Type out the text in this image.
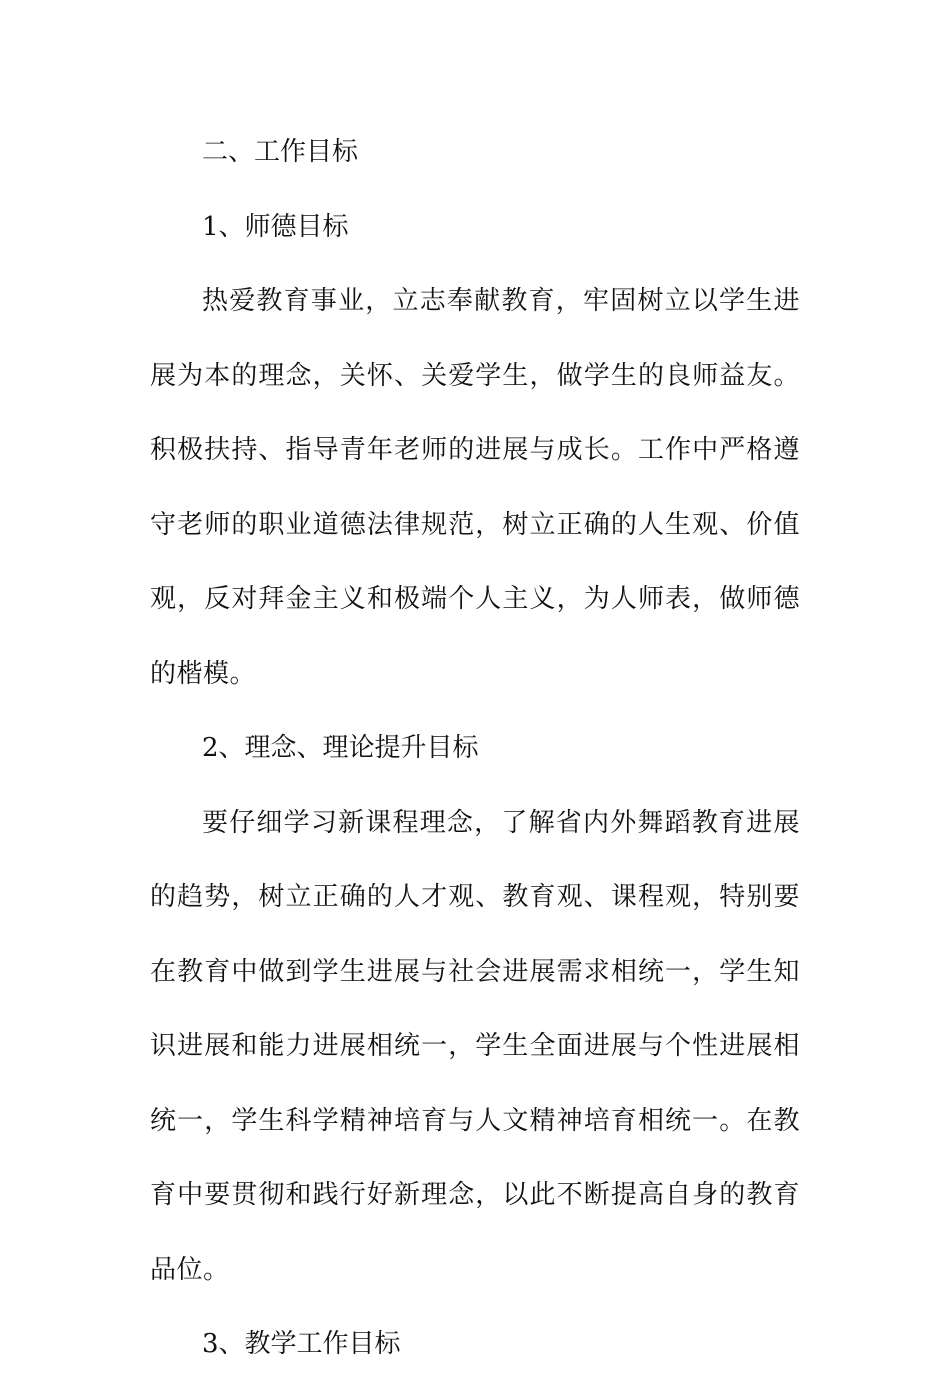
二、工作目标

1、师德目标

热爱教育事业，立志奉献教育，牢固树立以学生进展为本的理念，关怀、关爱学生，做学生的良师益友。积极扶持、指导青年老师的进展与成长。工作中严格遵守老师的职业道德法律规范，树立正确的人生观、价值观，反对拜金主义和极端个人主义，为人师表，做师德的楷模。

2、理念、理论提升目标

要仔细学习新课程理念，了解省内外舞蹈教育进展的趋势，树立正确的人才观、教育观、课程观，特别要在教育中做到学生进展与社会进展需求相统一，学生知识进展和能力进展相统一，学生全面进展与个性进展相统一，学生科学精神培育与人文精神培育相统一。在教育中要贯彻和践行好新理念，以此不断提高自身的教育品位。

3、教学工作目标
